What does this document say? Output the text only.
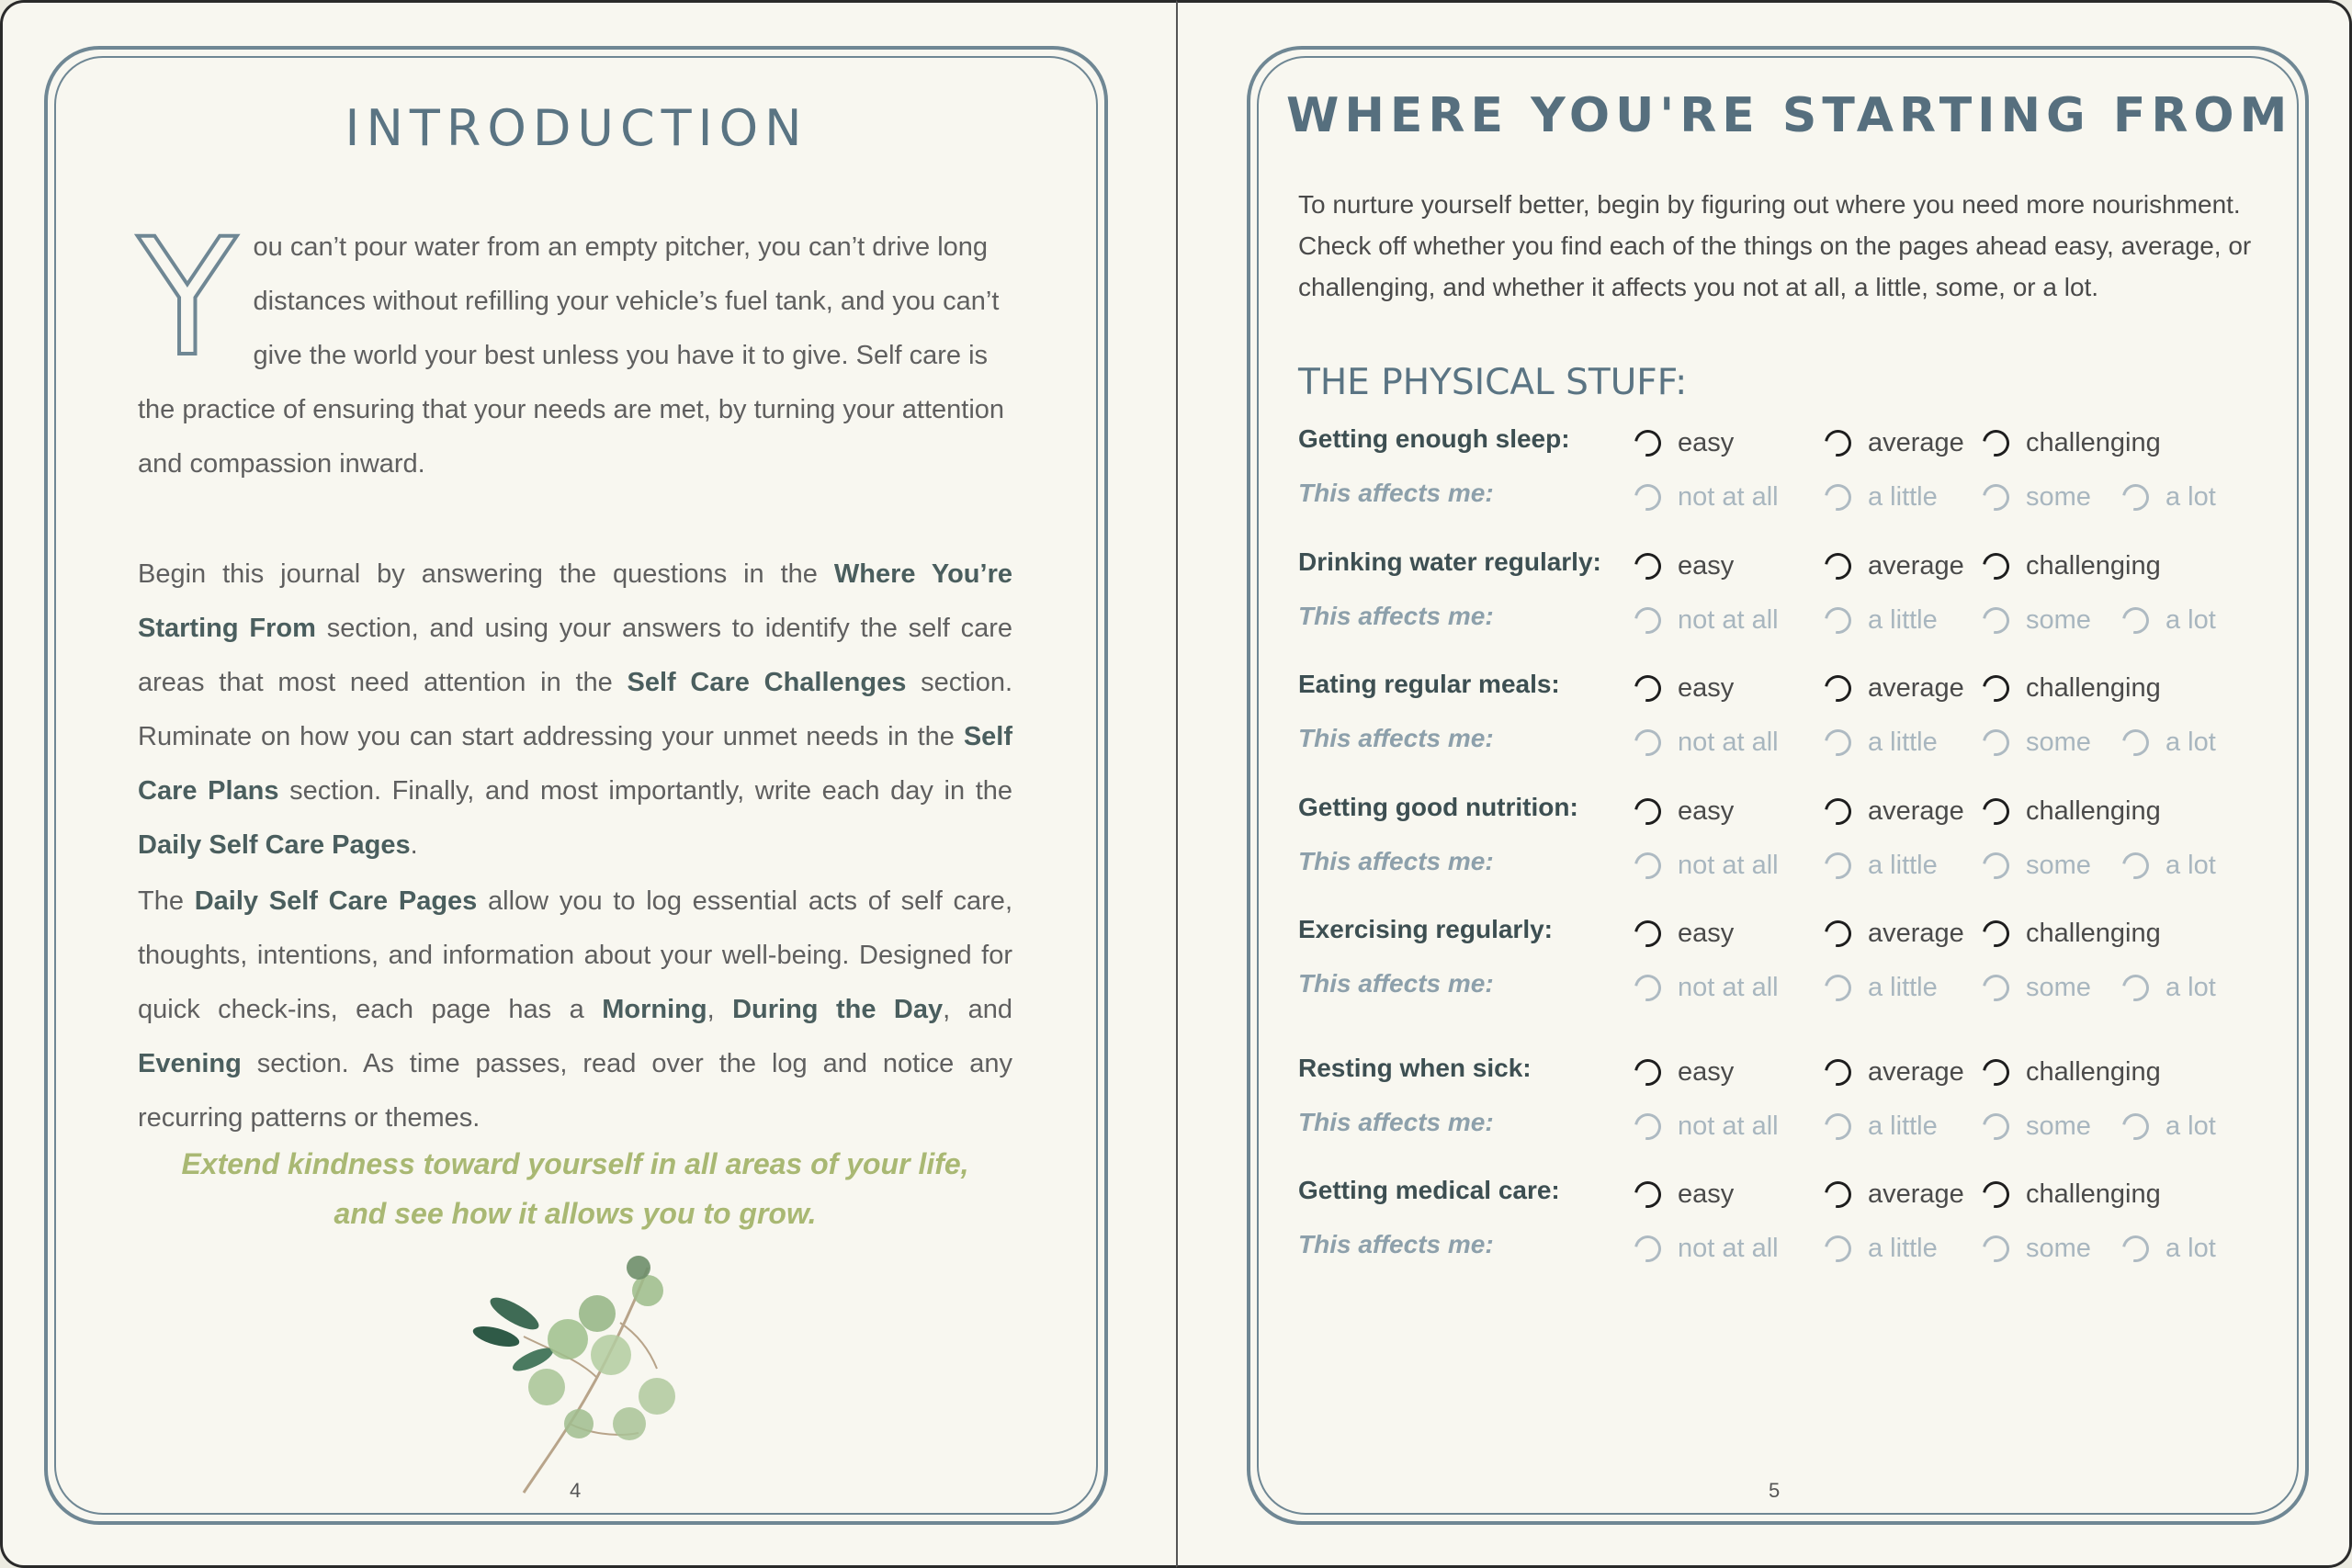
INTRODUCTION
Y ou can’t pour water from an empty pitcher, you can’t drive long distances without refilling your vehicle’s fuel tank, and you can’t give the world your best unless you have it to give. Self care is the practice of ensuring that your needs are met, by turning your attention and compassion inward.
Begin this journal by answering the questions in the Where You’re Starting From section, and using your answers to identify the self care areas that most need attention in the Self Care Challenges section. Ruminate on how you can start addressing your unmet needs in the Self Care Plans section. Finally, and most importantly, write each day in the Daily Self Care Pages.
The Daily Self Care Pages allow you to log essential acts of self care, thoughts, intentions, and information about your well-being. Designed for quick check-ins, each page has a Morning, During the Day, and Evening section. As time passes, read over the log and notice any recurring patterns or themes.
Extend kindness toward yourself in all areas of your life,
and see how it allows you to grow.
4
WHERE YOU'RE STARTING FROM
To nurture yourself better, begin by figuring out where you need more nourishment. Check off whether you find each of the things on the pages ahead easy, average, or challenging, and whether it affects you not at all, a little, some, or a lot.
THE PHYSICAL STUFF:
Getting enough sleep:	easy	average challenging
This affects me:	not at all	a little	some	a lot
Drinking water regularly:	easy	average challenging
This affects me:	not at all	a little	some	a lot
Eating regular meals:	easy	average challenging
This affects me:	not at all	a little	some	a lot
Getting good nutrition:	easy	average challenging
This affects me:	not at all	a little	some	a lot
Exercising regularly:	easy	average challenging
This affects me:	not at all	a little	some	a lot
Resting when sick:	easy	average challenging
This affects me:	not at all	a little	some	a lot
Getting medical care:	easy	average challenging
This affects me:	not at all	a little	some	a lot
5
